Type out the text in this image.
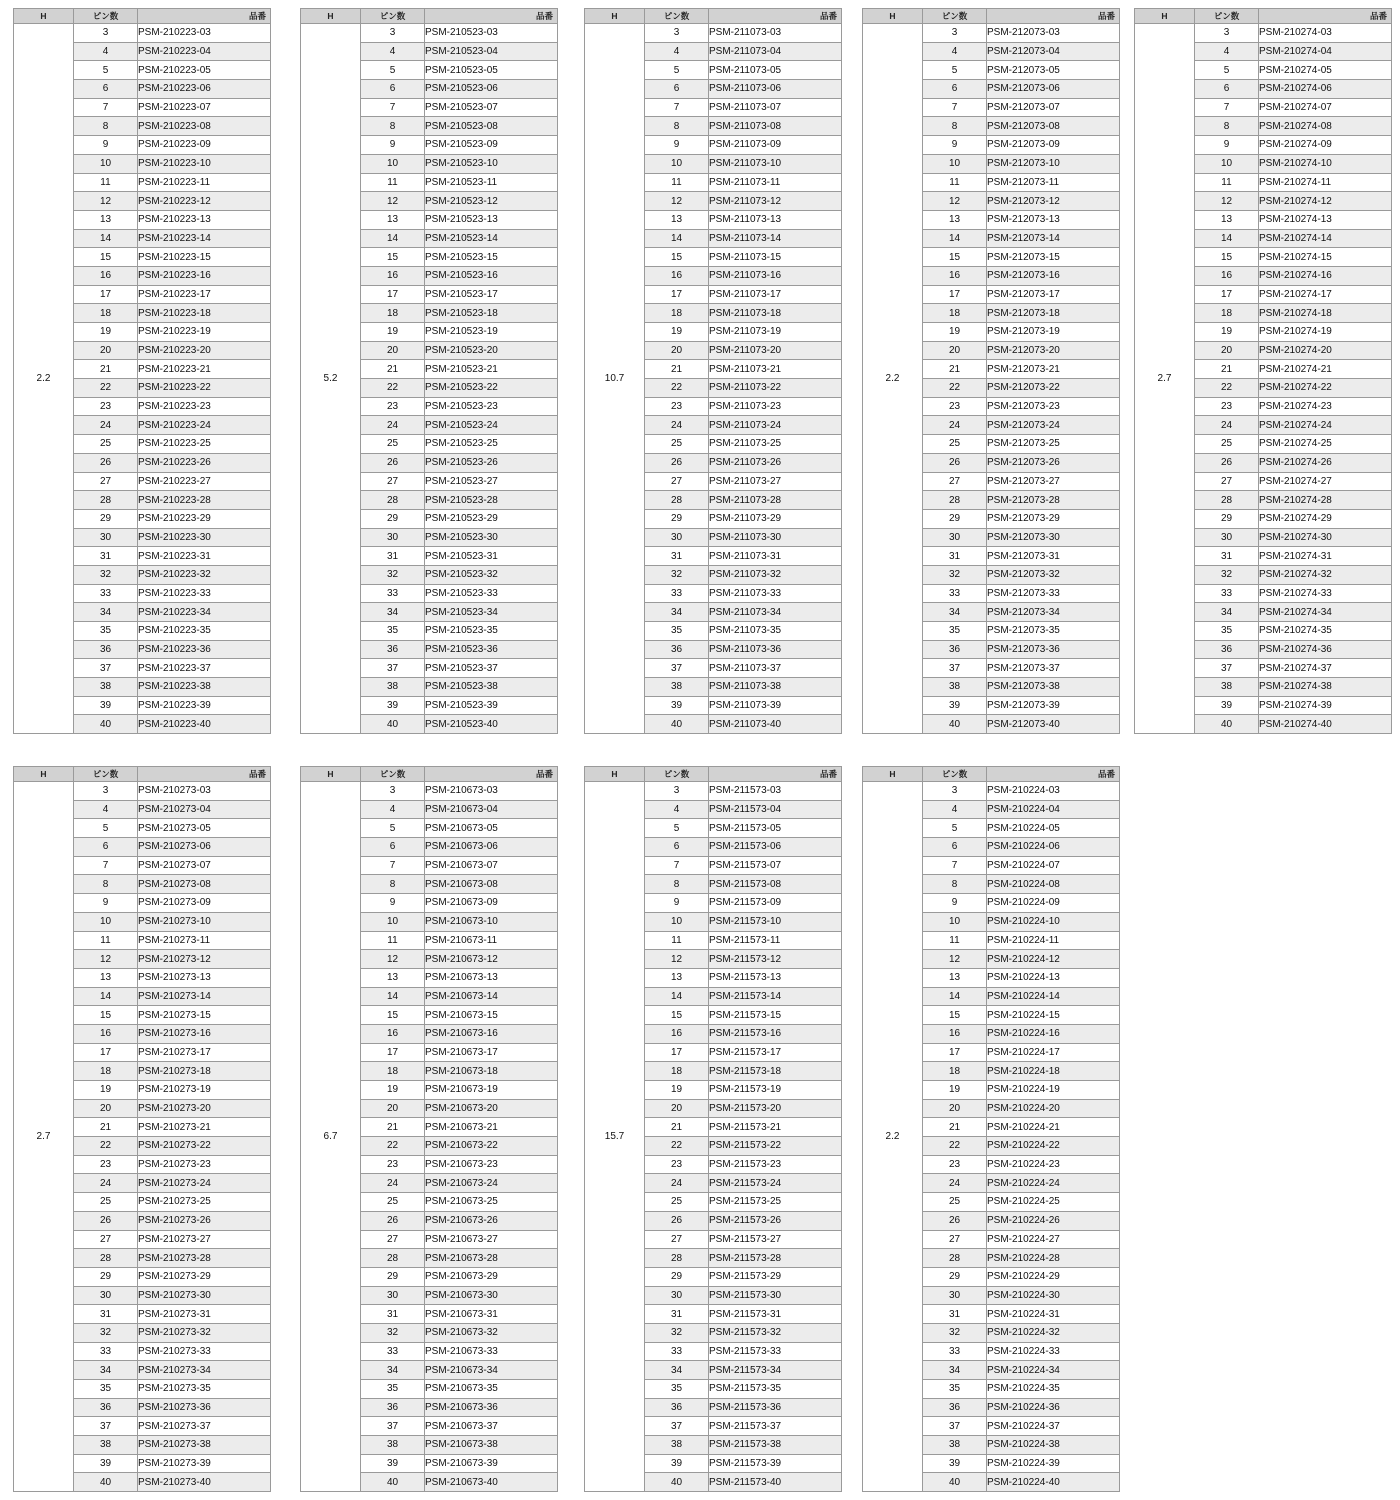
H	ピン数	品番
2.2	3	PSM-210223-03
	4	PSM-210223-04
	5	PSM-210223-05
	6	PSM-210223-06
	7	PSM-210223-07
	8	PSM-210223-08
	9	PSM-210223-09
	10	PSM-210223-10
	11	PSM-210223-11
	12	PSM-210223-12
	13	PSM-210223-13
	14	PSM-210223-14
	15	PSM-210223-15
	16	PSM-210223-16
	17	PSM-210223-17
	18	PSM-210223-18
	19	PSM-210223-19
	20	PSM-210223-20
	21	PSM-210223-21
	22	PSM-210223-22
	23	PSM-210223-23
	24	PSM-210223-24
	25	PSM-210223-25
	26	PSM-210223-26
	27	PSM-210223-27
	28	PSM-210223-28
	29	PSM-210223-29
	30	PSM-210223-30
	31	PSM-210223-31
	32	PSM-210223-32
	33	PSM-210223-33
	34	PSM-210223-34
	35	PSM-210223-35
	36	PSM-210223-36
	37	PSM-210223-37
	38	PSM-210223-38
	39	PSM-210223-39
	40	PSM-210223-40
H	ピン数	品番
5.2	3	PSM-210523-03
	4	PSM-210523-04
	5	PSM-210523-05
	6	PSM-210523-06
	7	PSM-210523-07
	8	PSM-210523-08
	9	PSM-210523-09
	10	PSM-210523-10
	11	PSM-210523-11
	12	PSM-210523-12
	13	PSM-210523-13
	14	PSM-210523-14
	15	PSM-210523-15
	16	PSM-210523-16
	17	PSM-210523-17
	18	PSM-210523-18
	19	PSM-210523-19
	20	PSM-210523-20
	21	PSM-210523-21
	22	PSM-210523-22
	23	PSM-210523-23
	24	PSM-210523-24
	25	PSM-210523-25
	26	PSM-210523-26
	27	PSM-210523-27
	28	PSM-210523-28
	29	PSM-210523-29
	30	PSM-210523-30
	31	PSM-210523-31
	32	PSM-210523-32
	33	PSM-210523-33
	34	PSM-210523-34
	35	PSM-210523-35
	36	PSM-210523-36
	37	PSM-210523-37
	38	PSM-210523-38
	39	PSM-210523-39
	40	PSM-210523-40
H	ピン数	品番
10.7	3	PSM-211073-03
	4	PSM-211073-04
	5	PSM-211073-05
	6	PSM-211073-06
	7	PSM-211073-07
	8	PSM-211073-08
	9	PSM-211073-09
	10	PSM-211073-10
	11	PSM-211073-11
	12	PSM-211073-12
	13	PSM-211073-13
	14	PSM-211073-14
	15	PSM-211073-15
	16	PSM-211073-16
	17	PSM-211073-17
	18	PSM-211073-18
	19	PSM-211073-19
	20	PSM-211073-20
	21	PSM-211073-21
	22	PSM-211073-22
	23	PSM-211073-23
	24	PSM-211073-24
	25	PSM-211073-25
	26	PSM-211073-26
	27	PSM-211073-27
	28	PSM-211073-28
	29	PSM-211073-29
	30	PSM-211073-30
	31	PSM-211073-31
	32	PSM-211073-32
	33	PSM-211073-33
	34	PSM-211073-34
	35	PSM-211073-35
	36	PSM-211073-36
	37	PSM-211073-37
	38	PSM-211073-38
	39	PSM-211073-39
	40	PSM-211073-40
H	ピン数	品番
2.2	3	PSM-212073-03
	4	PSM-212073-04
	5	PSM-212073-05
	6	PSM-212073-06
	7	PSM-212073-07
	8	PSM-212073-08
	9	PSM-212073-09
	10	PSM-212073-10
	11	PSM-212073-11
	12	PSM-212073-12
	13	PSM-212073-13
	14	PSM-212073-14
	15	PSM-212073-15
	16	PSM-212073-16
	17	PSM-212073-17
	18	PSM-212073-18
	19	PSM-212073-19
	20	PSM-212073-20
	21	PSM-212073-21
	22	PSM-212073-22
	23	PSM-212073-23
	24	PSM-212073-24
	25	PSM-212073-25
	26	PSM-212073-26
	27	PSM-212073-27
	28	PSM-212073-28
	29	PSM-212073-29
	30	PSM-212073-30
	31	PSM-212073-31
	32	PSM-212073-32
	33	PSM-212073-33
	34	PSM-212073-34
	35	PSM-212073-35
	36	PSM-212073-36
	37	PSM-212073-37
	38	PSM-212073-38
	39	PSM-212073-39
	40	PSM-212073-40
H	ピン数	品番
2.7	3	PSM-210274-03
	4	PSM-210274-04
	5	PSM-210274-05
	6	PSM-210274-06
	7	PSM-210274-07
	8	PSM-210274-08
	9	PSM-210274-09
	10	PSM-210274-10
	11	PSM-210274-11
	12	PSM-210274-12
	13	PSM-210274-13
	14	PSM-210274-14
	15	PSM-210274-15
	16	PSM-210274-16
	17	PSM-210274-17
	18	PSM-210274-18
	19	PSM-210274-19
	20	PSM-210274-20
	21	PSM-210274-21
	22	PSM-210274-22
	23	PSM-210274-23
	24	PSM-210274-24
	25	PSM-210274-25
	26	PSM-210274-26
	27	PSM-210274-27
	28	PSM-210274-28
	29	PSM-210274-29
	30	PSM-210274-30
	31	PSM-210274-31
	32	PSM-210274-32
	33	PSM-210274-33
	34	PSM-210274-34
	35	PSM-210274-35
	36	PSM-210274-36
	37	PSM-210274-37
	38	PSM-210274-38
	39	PSM-210274-39
	40	PSM-210274-40
H	ピン数	品番
2.7	3	PSM-210273-03
	4	PSM-210273-04
	5	PSM-210273-05
	6	PSM-210273-06
	7	PSM-210273-07
	8	PSM-210273-08
	9	PSM-210273-09
	10	PSM-210273-10
	11	PSM-210273-11
	12	PSM-210273-12
	13	PSM-210273-13
	14	PSM-210273-14
	15	PSM-210273-15
	16	PSM-210273-16
	17	PSM-210273-17
	18	PSM-210273-18
	19	PSM-210273-19
	20	PSM-210273-20
	21	PSM-210273-21
	22	PSM-210273-22
	23	PSM-210273-23
	24	PSM-210273-24
	25	PSM-210273-25
	26	PSM-210273-26
	27	PSM-210273-27
	28	PSM-210273-28
	29	PSM-210273-29
	30	PSM-210273-30
	31	PSM-210273-31
	32	PSM-210273-32
	33	PSM-210273-33
	34	PSM-210273-34
	35	PSM-210273-35
	36	PSM-210273-36
	37	PSM-210273-37
	38	PSM-210273-38
	39	PSM-210273-39
	40	PSM-210273-40
H	ピン数	品番
6.7	3	PSM-210673-03
	4	PSM-210673-04
	5	PSM-210673-05
	6	PSM-210673-06
	7	PSM-210673-07
	8	PSM-210673-08
	9	PSM-210673-09
	10	PSM-210673-10
	11	PSM-210673-11
	12	PSM-210673-12
	13	PSM-210673-13
	14	PSM-210673-14
	15	PSM-210673-15
	16	PSM-210673-16
	17	PSM-210673-17
	18	PSM-210673-18
	19	PSM-210673-19
	20	PSM-210673-20
	21	PSM-210673-21
	22	PSM-210673-22
	23	PSM-210673-23
	24	PSM-210673-24
	25	PSM-210673-25
	26	PSM-210673-26
	27	PSM-210673-27
	28	PSM-210673-28
	29	PSM-210673-29
	30	PSM-210673-30
	31	PSM-210673-31
	32	PSM-210673-32
	33	PSM-210673-33
	34	PSM-210673-34
	35	PSM-210673-35
	36	PSM-210673-36
	37	PSM-210673-37
	38	PSM-210673-38
	39	PSM-210673-39
	40	PSM-210673-40
H	ピン数	品番
15.7	3	PSM-211573-03
	4	PSM-211573-04
	5	PSM-211573-05
	6	PSM-211573-06
	7	PSM-211573-07
	8	PSM-211573-08
	9	PSM-211573-09
	10	PSM-211573-10
	11	PSM-211573-11
	12	PSM-211573-12
	13	PSM-211573-13
	14	PSM-211573-14
	15	PSM-211573-15
	16	PSM-211573-16
	17	PSM-211573-17
	18	PSM-211573-18
	19	PSM-211573-19
	20	PSM-211573-20
	21	PSM-211573-21
	22	PSM-211573-22
	23	PSM-211573-23
	24	PSM-211573-24
	25	PSM-211573-25
	26	PSM-211573-26
	27	PSM-211573-27
	28	PSM-211573-28
	29	PSM-211573-29
	30	PSM-211573-30
	31	PSM-211573-31
	32	PSM-211573-32
	33	PSM-211573-33
	34	PSM-211573-34
	35	PSM-211573-35
	36	PSM-211573-36
	37	PSM-211573-37
	38	PSM-211573-38
	39	PSM-211573-39
	40	PSM-211573-40
H	ピン数	品番
2.2	3	PSM-210224-03
	4	PSM-210224-04
	5	PSM-210224-05
	6	PSM-210224-06
	7	PSM-210224-07
	8	PSM-210224-08
	9	PSM-210224-09
	10	PSM-210224-10
	11	PSM-210224-11
	12	PSM-210224-12
	13	PSM-210224-13
	14	PSM-210224-14
	15	PSM-210224-15
	16	PSM-210224-16
	17	PSM-210224-17
	18	PSM-210224-18
	19	PSM-210224-19
	20	PSM-210224-20
	21	PSM-210224-21
	22	PSM-210224-22
	23	PSM-210224-23
	24	PSM-210224-24
	25	PSM-210224-25
	26	PSM-210224-26
	27	PSM-210224-27
	28	PSM-210224-28
	29	PSM-210224-29
	30	PSM-210224-30
	31	PSM-210224-31
	32	PSM-210224-32
	33	PSM-210224-33
	34	PSM-210224-34
	35	PSM-210224-35
	36	PSM-210224-36
	37	PSM-210224-37
	38	PSM-210224-38
	39	PSM-210224-39
	40	PSM-210224-40
